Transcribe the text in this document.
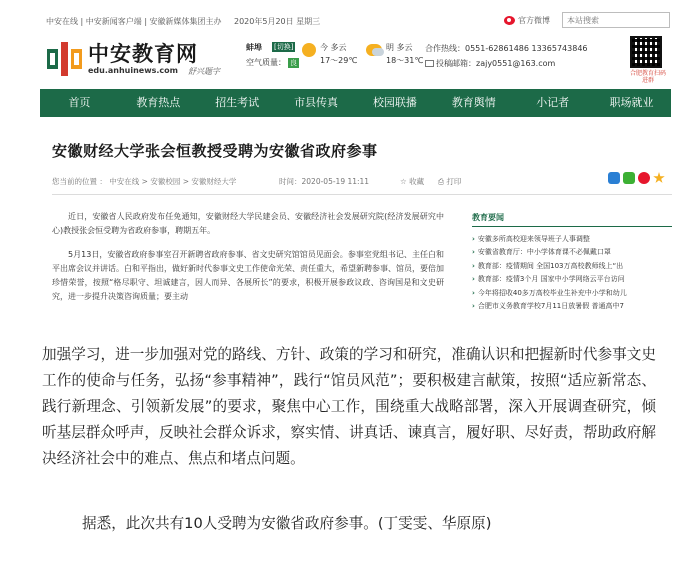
中安在线 | 中安新闻客户端 | 安徽新媒体集团主办 2020年5月20日 星期三	官方微博
本站搜索
中安教育网
edu.anhuinews.com 舒兴题字
蚌埠 [切换]
空气质量： 良
今 多云
17～29℃
明 多云
18～31℃
合作热线：0551-62861486 13365743846
投稿邮箱：zajy0551@163.com
合肥教育扫码进群
首页	教育热点	招生考试	市县传真	校园联播	教育舆情	小记者	职场就业
安徽财经大学张会恒教授受聘为安徽省政府参事
您当前的位置 ： 中安在线 > 安徽校园 > 安徽财经大学	时间：2020-05-19 11:11	☆ 收藏 ⎙ 打印

近日，安徽省人民政府发布任免通知，安徽财经大学民建会员、安徽经济社会发展研究院(经济发展研究中心)教授张会恒受聘为省政府参事，聘期五年。

5月13日，安徽省政府参事室召开新聘省政府参事、省文史研究馆馆员见面会。参事室党组书记、主任白和平出席会议并讲话。白和平指出，做好新时代参事文史工作使命光荣、责任重大，希望新聘参事、馆员，要倍加珍惜荣誉，按照“格尽职守、坦诚建言，因人而异、各展所长”的要求，积极开展参政议政、咨询国是和文史研究，进一步提升决策咨询质量；要主动

教育要闻
› 安徽多所高校迎来领导班子人事调整
› 安徽省教育厅：中小学体育课不必佩戴口罩
› 教育部：疫情期间 全国103万高校教师线上“出
› 教育部：疫情3个月 国家中小学网络云平台访问
› 今年将招收40多万高校毕业生补充中小学和幼儿
› 合肥市义务教育学校7月11日放暑假 普通高中7
加强学习，进一步加强对党的路线、方针、政策的学习和研究，准确认识和把握新时代参事文史工作的使命与任务，弘扬“参事精神”，践行“馆员风范”；要积极建言献策，按照“适应新常态、践行新理念、引领新发展”的要求，聚焦中心工作，围绕重大战略部署，深入开展调查研究，倾听基层群众呼声，反映社会群众诉求，察实情、讲真话、谏真言，履好职、尽好责，帮助政府解决经济社会中的难点、焦点和堵点问题。
据悉，此次共有10人受聘为安徽省政府参事。(丁雯雯、华原原)
